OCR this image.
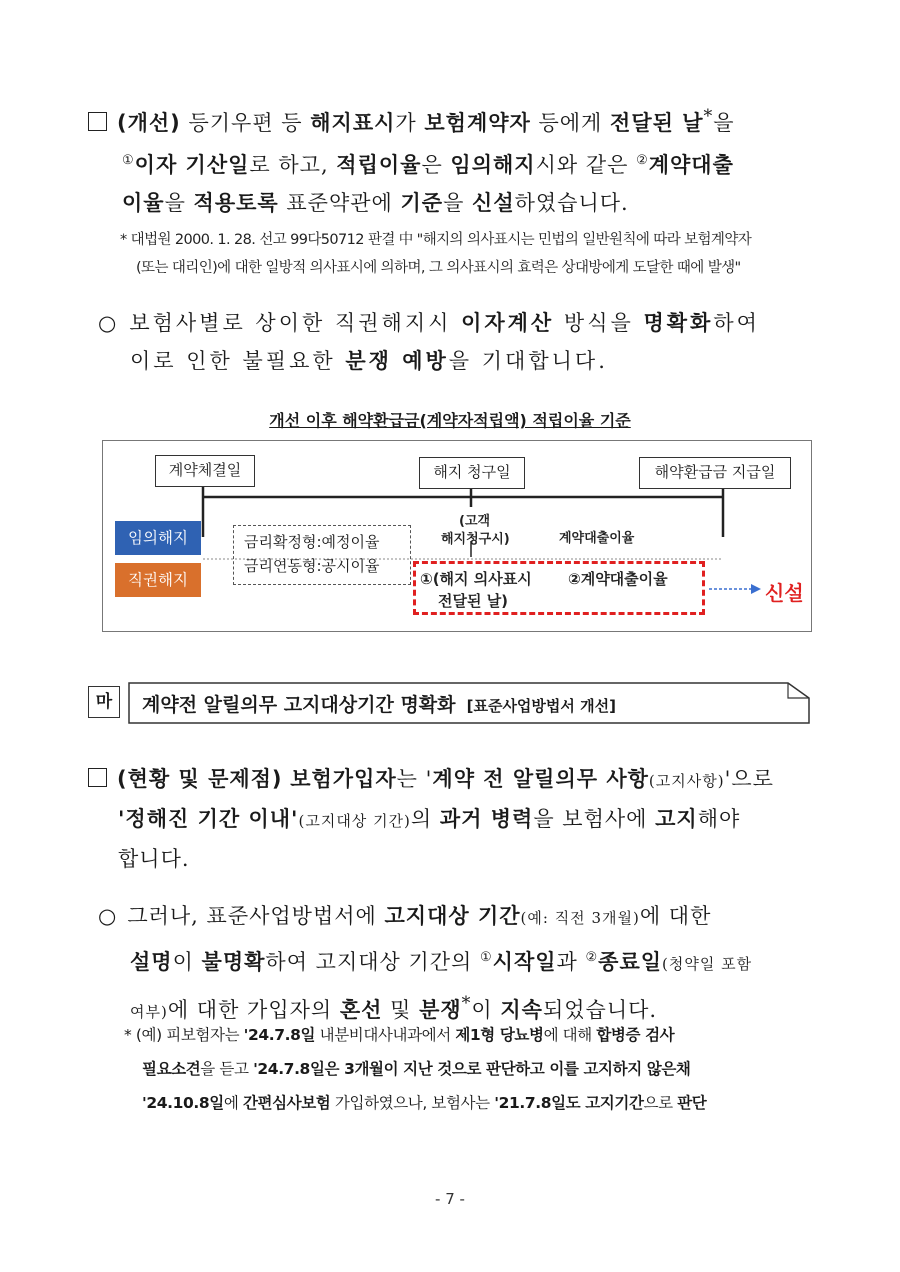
(개선) 등기우편 등 해지표시가 보험계약자 등에게 전달된 날*을
①이자 기산일로 하고, 적립이율은 임의해지시와 같은 ②계약대출
이율을 적용토록 표준약관에 기준을 신설하였습니다.
* 대법원 2000. 1. 28. 선고 99다50712 판결 中 "해지의 의사표시는 민법의 일반원칙에 따라 보험계약자
(또는 대리인)에 대한 일방적 의사표시에 의하며, 그 의사표시의 효력은 상대방에게 도달한 때에 발생"
○ 보험사별로 상이한 직권해지시 이자계산 방식을 명확화하여
이로 인한 불필요한 분쟁 예방을 기대합니다.
개선 이후 해약환급금(계약자적립액) 적립이율 기준
계약체결일	해지 청구일	해약환급금 지급일
임의해지
직권해지
금리확정형:예정이율
금리연동형:공시이율
(고객
해지청구시)	계약대출이율
①(해지 의사표시
전달된 날)
②계약대출이율
신설
마	계약전 알릴의무 고지대상기간 명확화 [표준사업방법서 개선]
(현황 및 문제점) 보험가입자는 '계약 전 알릴의무 사항(고지사항)'으로
'정해진 기간 이내'(고지대상 기간)의 과거 병력을 보험사에 고지해야
합니다.
○ 그러나, 표준사업방법서에 고지대상 기간(예: 직전 3개월)에 대한
설명이 불명확하여 고지대상 기간의 ①시작일과 ②종료일(청약일 포함
여부)에 대한 가입자의 혼선 및 분쟁*이 지속되었습니다.
* (예) 피보험자는 '24.7.8일 내분비대사내과에서 제1형 당뇨병에 대해 합병증 검사
필요소견을 듣고 '24.7.8일은 3개월이 지난 것으로 판단하고 이를 고지하지 않은채
'24.10.8일에 간편심사보험 가입하였으나, 보험사는 '21.7.8일도 고지기간으로 판단
- 7 -
